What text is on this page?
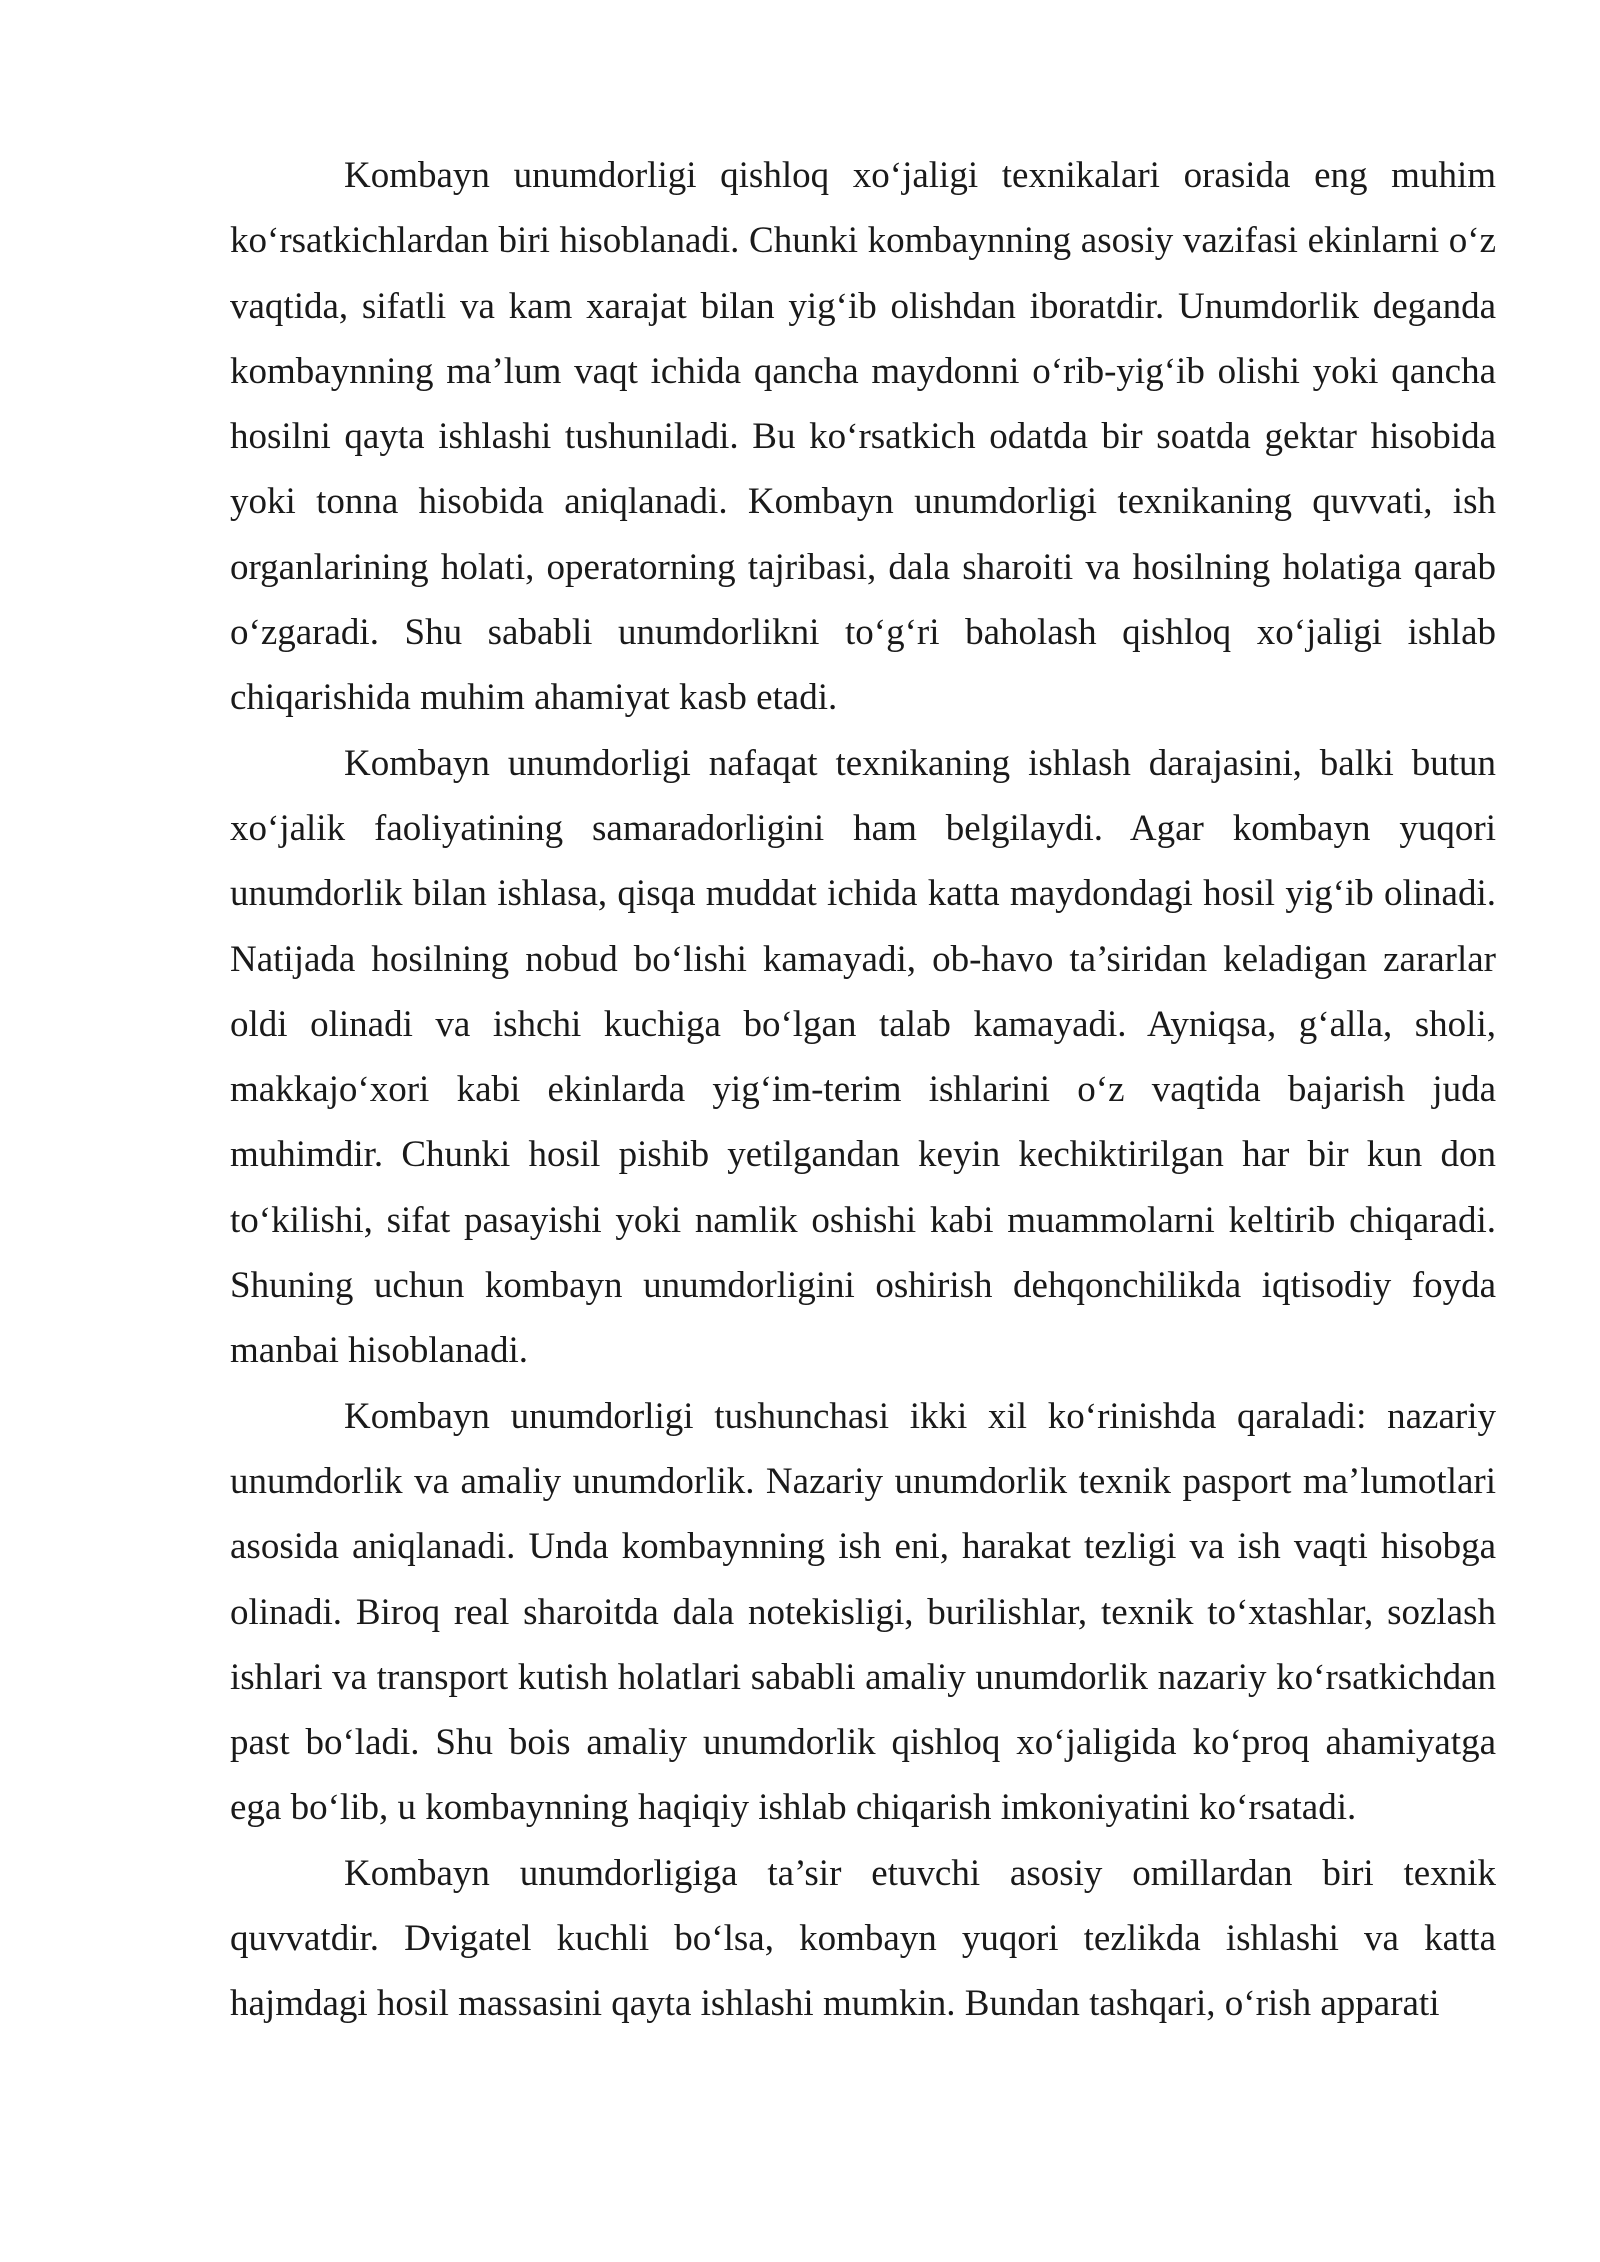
Kombayn unumdorligi qishloq xo‘jaligi texnikalari orasida eng muhim ko‘rsatkichlardan biri hisoblanadi. Chunki kombaynning asosiy vazifasi ekinlarni o‘z vaqtida, sifatli va kam xarajat bilan yig‘ib olishdan iboratdir. Unumdorlik deganda kombaynning ma’lum vaqt ichida qancha maydonni o‘rib-yig‘ib olishi yoki qancha hosilni qayta ishlashi tushuniladi. Bu ko‘rsatkich odatda bir soatda gektar hisobida yoki tonna hisobida aniqlanadi. Kombayn unumdorligi texnikaning quvvati, ish organlarining holati, operatorning tajribasi, dala sharoiti va hosilning holatiga qarab o‘zgaradi. Shu sababli unumdorlikni to‘g‘ri baholash qishloq xo‘jaligi ishlab chiqarishida muhim ahamiyat kasb etadi.

Kombayn unumdorligi nafaqat texnikaning ishlash darajasini, balki butun xo‘jalik faoliyatining samaradorligini ham belgilaydi. Agar kombayn yuqori unumdorlik bilan ishlasa, qisqa muddat ichida katta maydondagi hosil yig‘ib olinadi. Natijada hosilning nobud bo‘lishi kamayadi, ob-havo ta’siridan keladigan zararlar oldi olinadi va ishchi kuchiga bo‘lgan talab kamayadi. Ayniqsa, g‘alla, sholi, makkajo‘xori kabi ekinlarda yig‘im-terim ishlarini o‘z vaqtida bajarish juda muhimdir. Chunki hosil pishib yetilgandan keyin kechiktirilgan har bir kun don to‘kilishi, sifat pasayishi yoki namlik oshishi kabi muammolarni keltirib chiqaradi. Shuning uchun kombayn unumdorligini oshirish dehqonchilikda iqtisodiy foyda manbai hisoblanadi.

Kombayn unumdorligi tushunchasi ikki xil ko‘rinishda qaraladi: nazariy unumdorlik va amaliy unumdorlik. Nazariy unumdorlik texnik pasport ma’lumotlari asosida aniqlanadi. Unda kombaynning ish eni, harakat tezligi va ish vaqti hisobga olinadi. Biroq real sharoitda dala notekisligi, burilishlar, texnik to‘xtashlar, sozlash ishlari va transport kutish holatlari sababli amaliy unumdorlik nazariy ko‘rsatkichdan past bo‘ladi. Shu bois amaliy unumdorlik qishloq xo‘jaligida ko‘proq ahamiyatga ega bo‘lib, u kombaynning haqiqiy ishlab chiqarish imkoniyatini ko‘rsatadi.

Kombayn unumdorligiga ta’sir etuvchi asosiy omillardan biri texnik quvvatdir. Dvigatel kuchli bo‘lsa, kombayn yuqori tezlikda ishlashi va katta hajmdagi hosil massasini qayta ishlashi mumkin. Bundan tashqari, o‘rish apparati
